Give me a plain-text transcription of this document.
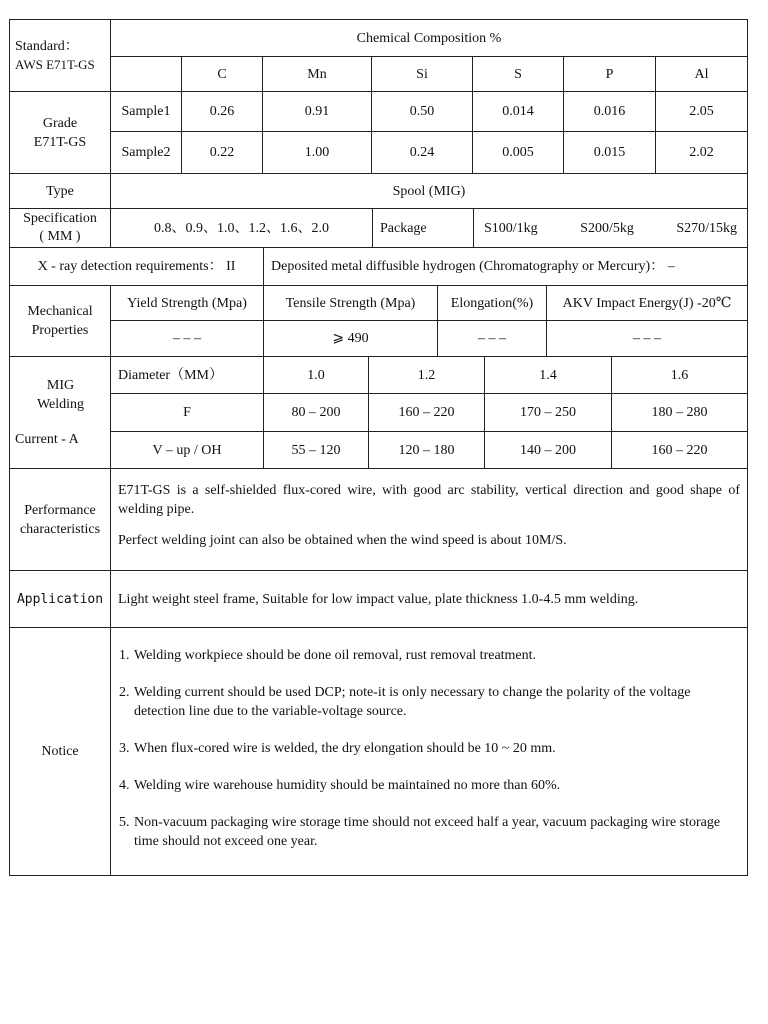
Standard：
AWS E71T-GS
Chemical Composition %
C	Mn	Si	S	P	Al
Grade
E71T-GS
Sample1	0.26	0.91	0.50	0.014	0.016	2.05
Sample2	0.22	1.00	0.24	0.005	0.015	2.02
Type	Spool (MIG)
Specification
( MM )
0.8、0.9、1.0、1.2、1.6、2.0	Package	S100/1kg	S200/5kg	S270/15kg
X - ray detection requirements： II	Deposited metal diffusible hydrogen (Chromatography or Mercury)： –
Mechanical
Properties
Yield Strength (Mpa)	Tensile Strength (Mpa)	Elongation(%)	AKV Impact Energy(J) -20℃
– – –	⩾ 490	– – –	– – –
MIG
Welding
Current - A
Diameter（MM）	1.0	1.2	1.4	1.6
F	80 – 200	160 – 220	170 – 250	180 – 280
V – up / OH	55 – 120	120 – 180	140 – 200	160 – 220
Performance
characteristics

E71T-GS is a self-shielded flux-cored wire, with good arc stability, vertical direction and good shape of welding pipe.

Perfect welding joint can also be obtained when the wind speed is about 10M/S.

Application	Light weight steel frame, Suitable for low impact value, plate thickness 1.0-4.5 mm welding.
Notice
1. Welding workpiece should be done oil removal, rust removal treatment.
2. Welding current should be used DCP; note-it is only necessary to change the polarity of the voltage detection line due to the variable-voltage source.
3. When flux-cored wire is welded, the dry elongation should be 10 ~ 20 mm.
4. Welding wire warehouse humidity should be maintained no more than 60%.
5. Non-vacuum packaging wire storage time should not exceed half a year, vacuum packaging wire storage time should not exceed one year.
